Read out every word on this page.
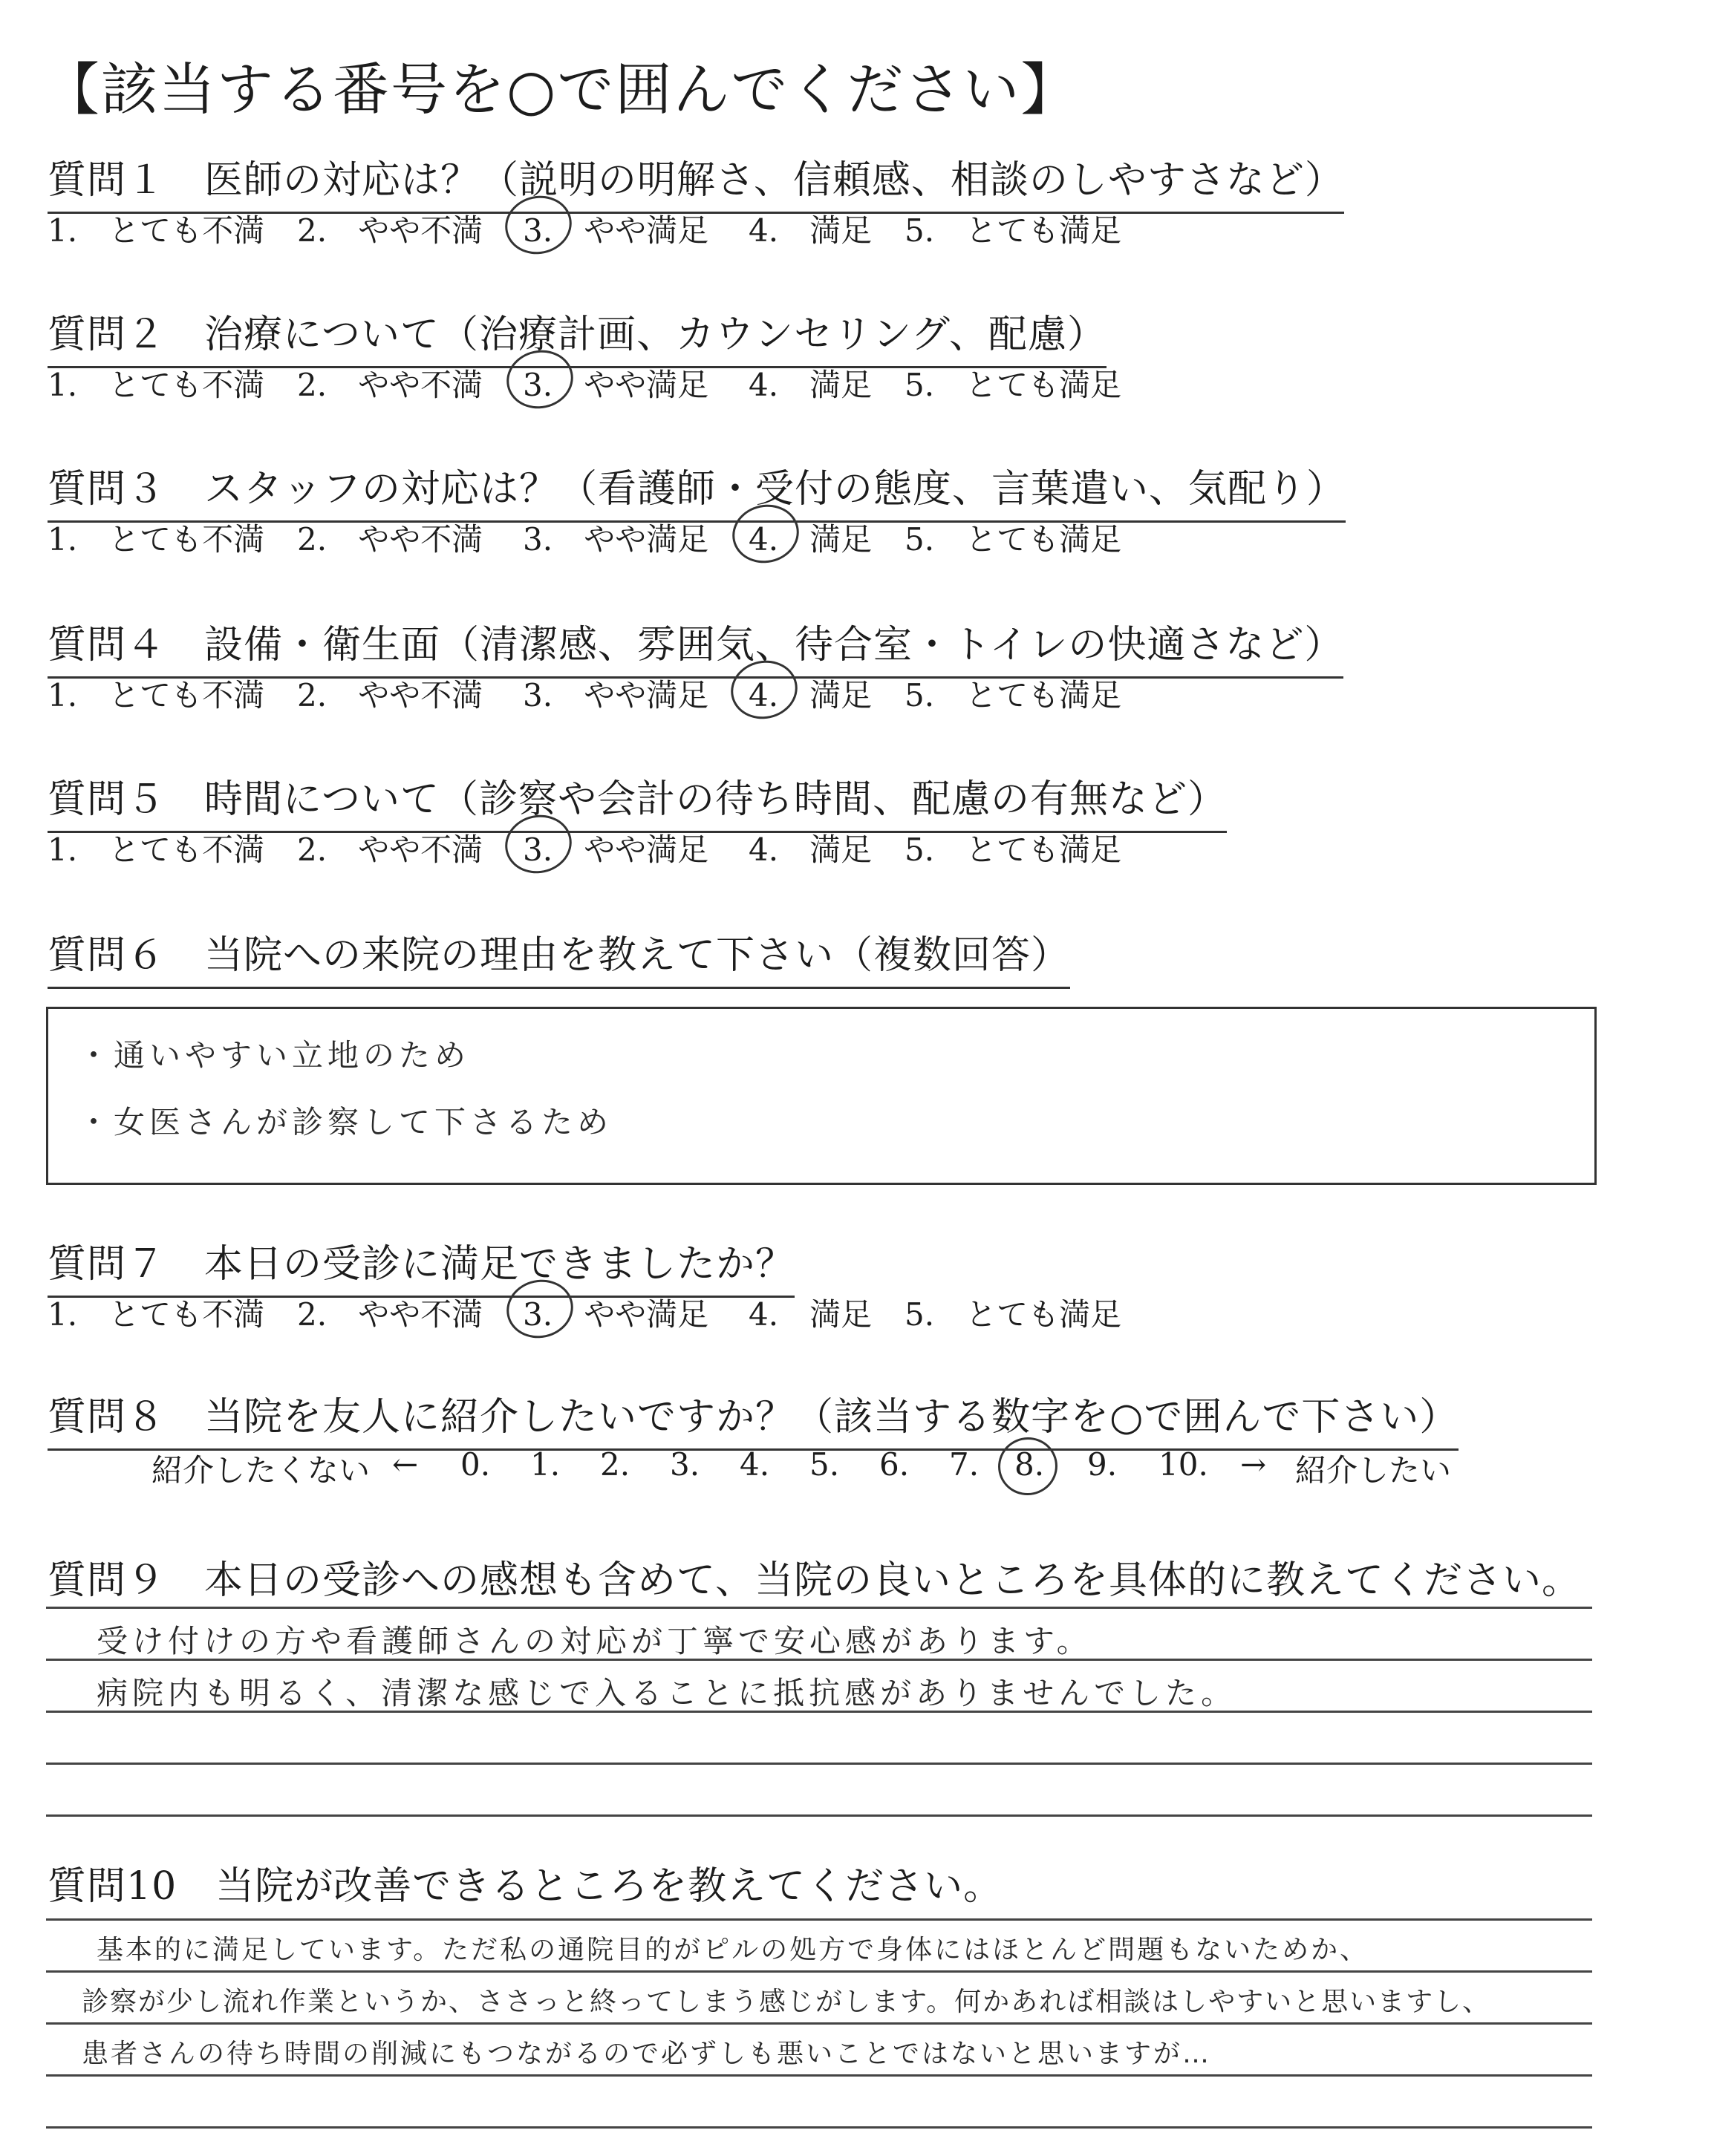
【該当する番号を○で囲んでください】
質問１ 医師の対応は？（説明の明解さ、信頼感、相談のしやすさなど）
1.　とても不満 2.　やや不満 3.　やや満足 4.　満足 5.　とても満足
質問２ 治療について（治療計画、カウンセリング、配慮）
1.　とても不満 2.　やや不満 3.　やや満足 4.　満足 5.　とても満足
質問３ スタッフの対応は？（看護師・受付の態度、言葉遣い、気配り）
1.　とても不満 2.　やや不満 3.　やや満足 4.　満足 5.　とても満足
質問４ 設備・衛生面（清潔感、雰囲気、待合室・トイレの快適さなど）
1.　とても不満 2.　やや不満 3.　やや満足 4.　満足 5.　とても満足
質問５ 時間について（診察や会計の待ち時間、配慮の有無など）
1.　とても不満 2.　やや不満 3.　やや満足 4.　満足 5.　とても満足
質問６ 当院への来院の理由を教えて下さい（複数回答）
・通いやすい立地のため
・女医さんが診察して下さるため
質問７ 本日の受診に満足できましたか？
1.　とても不満 2.　やや不満 3.　やや満足 4.　満足 5.　とても満足
質問８ 当院を友人に紹介したいですか？（該当する数字を○で囲んで下さい）
紹介したくない ← 0. 1. 2. 3. 4. 5. 6. 7. 8. 9. 10. → 紹介したい
質問９ 本日の受診への感想も含めて、当院の良いところを具体的に教えてください。
受け付けの方や看護師さんの対応が丁寧で安心感があります。
病院内も明るく、清潔な感じで入ることに抵抗感がありませんでした。
質問10 当院が改善できるところを教えてください。
基本的に満足しています。ただ私の通院目的がピルの処方で身体にはほとんど問題もないためか、
診察が少し流れ作業というか、ささっと終ってしまう感じがします。何かあれば相談はしやすいと思いますし、
患者さんの待ち時間の削減にもつながるので必ずしも悪いことではないと思いますが…
